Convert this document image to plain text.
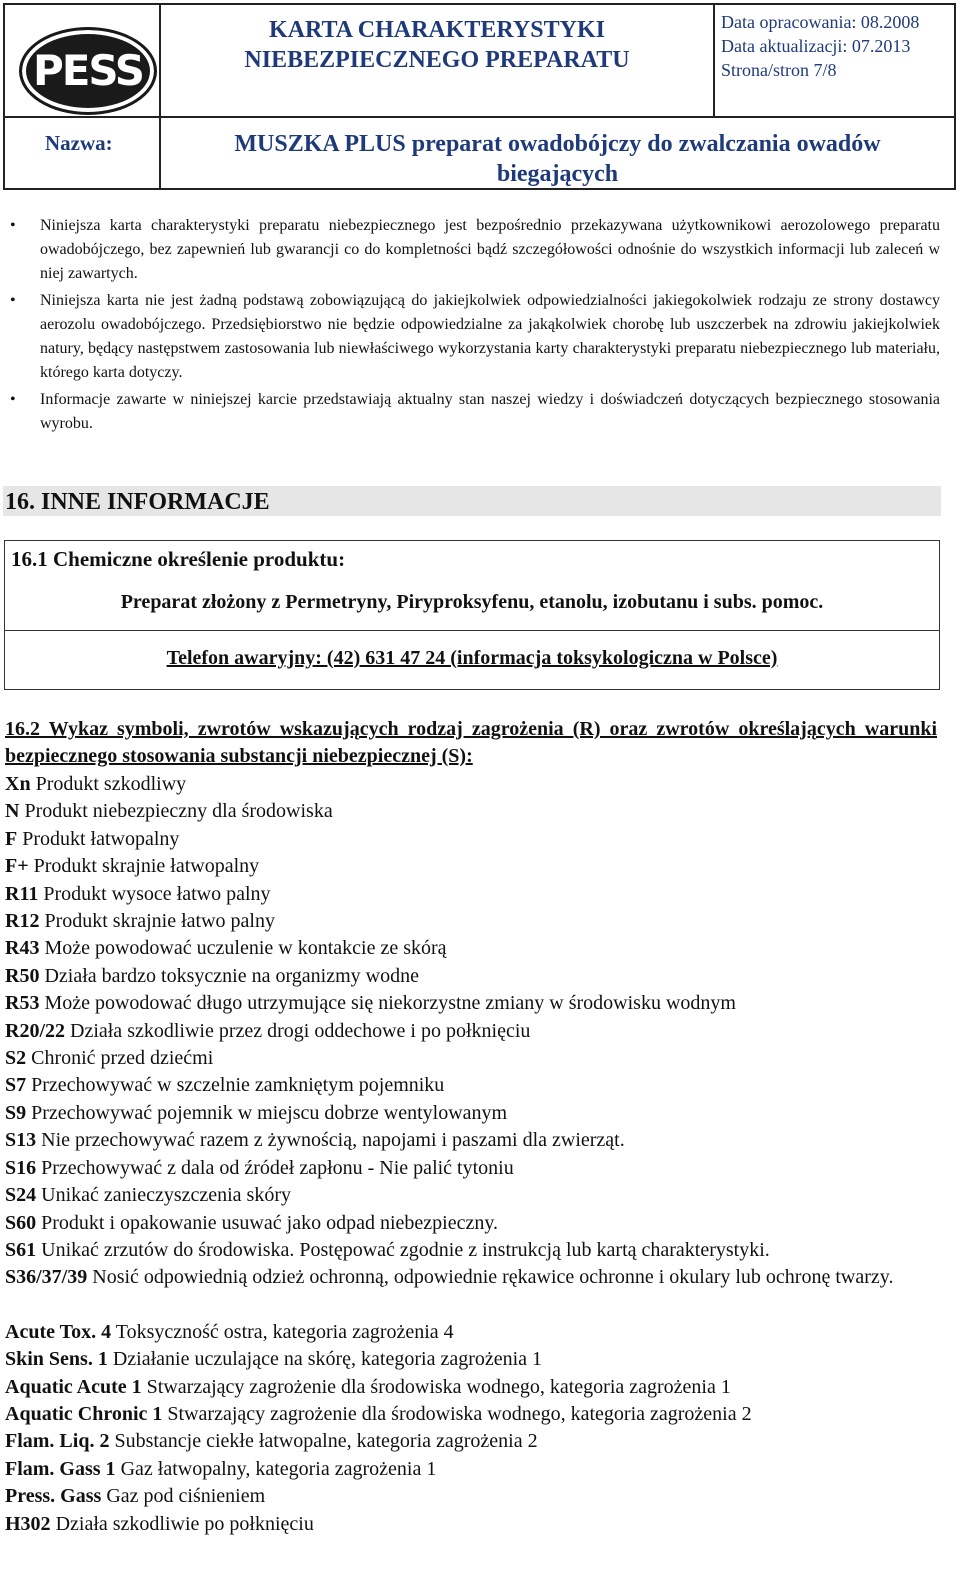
PESS
KARTA CHARAKTERYSTYKI
NIEBEZPIECZNEGO PREPARATU
Data opracowania: 08.2008
Data aktualizacji: 07.2013
Strona/stron 7/8
Nazwa:	MUSZKA PLUS preparat owadobójczy do zwalczania owadów
biegających
• Niniejsza karta charakterystyki preparatu niebezpiecznego jest bezpośrednio przekazywana użytkownikowi aerozolowego preparatu owadobójczego, bez zapewnień lub gwarancji co do kompletności bądź szczegółowości odnośnie do wszystkich informacji lub zaleceń w niej zawartych.
• Niniejsza karta nie jest żadną podstawą zobowiązującą do jakiejkolwiek odpowiedzialności jakiegokolwiek rodzaju ze strony dostawcy aerozolu owadobójczego. Przedsiębiorstwo nie będzie odpowiedzialne za jakąkolwiek chorobę lub uszczerbek na zdrowiu jakiejkolwiek natury, będący następstwem zastosowania lub niewłaściwego wykorzystania karty charakterystyki preparatu niebezpiecznego lub materiału, którego karta dotyczy.
• Informacje zawarte w niniejszej karcie przedstawiają aktualny stan naszej wiedzy i doświadczeń dotyczących bezpiecznego stosowania wyrobu.
16. INNE INFORMACJE
16.1 Chemiczne określenie produktu:
Preparat złożony z Permetryny, Piryproksyfenu, etanolu, izobutanu i subs. pomoc.
Telefon awaryjny: (42) 631 47 24 (informacja toksykologiczna w Polsce)
16.2 Wykaz symboli, zwrotów wskazujących rodzaj zagrożenia (R) oraz zwrotów określających warunki bezpiecznego stosowania substancji niebezpiecznej (S):
Xn Produkt szkodliwy
N Produkt niebezpieczny dla środowiska
F Produkt łatwopalny
F+ Produkt skrajnie łatwopalny
R11 Produkt wysoce łatwo palny
R12 Produkt skrajnie łatwo palny
R43 Może powodować uczulenie w kontakcie ze skórą
R50 Działa bardzo toksycznie na organizmy wodne
R53 Może powodować długo utrzymujące się niekorzystne zmiany w środowisku wodnym
R20/22 Działa szkodliwie przez drogi oddechowe i po połknięciu
S2 Chronić przed dziećmi
S7 Przechowywać w szczelnie zamkniętym pojemniku
S9 Przechowywać pojemnik w miejscu dobrze wentylowanym
S13 Nie przechowywać razem z żywnością, napojami i paszami dla zwierząt.
S16 Przechowywać z dala od źródeł zapłonu - Nie palić tytoniu
S24 Unikać zanieczyszczenia skóry
S60 Produkt i opakowanie usuwać jako odpad niebezpieczny.
S61 Unikać zrzutów do środowiska. Postępować zgodnie z instrukcją lub kartą charakterystyki.
S36/37/39 Nosić odpowiednią odzież ochronną, odpowiednie rękawice ochronne i okulary lub ochronę twarzy.
Acute Tox. 4 Toksyczność ostra, kategoria zagrożenia 4
Skin Sens. 1 Działanie uczulające na skórę, kategoria zagrożenia 1
Aquatic Acute 1 Stwarzający zagrożenie dla środowiska wodnego, kategoria zagrożenia 1
Aquatic Chronic 1 Stwarzający zagrożenie dla środowiska wodnego, kategoria zagrożenia 2
Flam. Liq. 2 Substancje ciekłe łatwopalne, kategoria zagrożenia 2
Flam. Gass 1 Gaz łatwopalny, kategoria zagrożenia 1
Press. Gass Gaz pod ciśnieniem
H302 Działa szkodliwie po połknięciu
